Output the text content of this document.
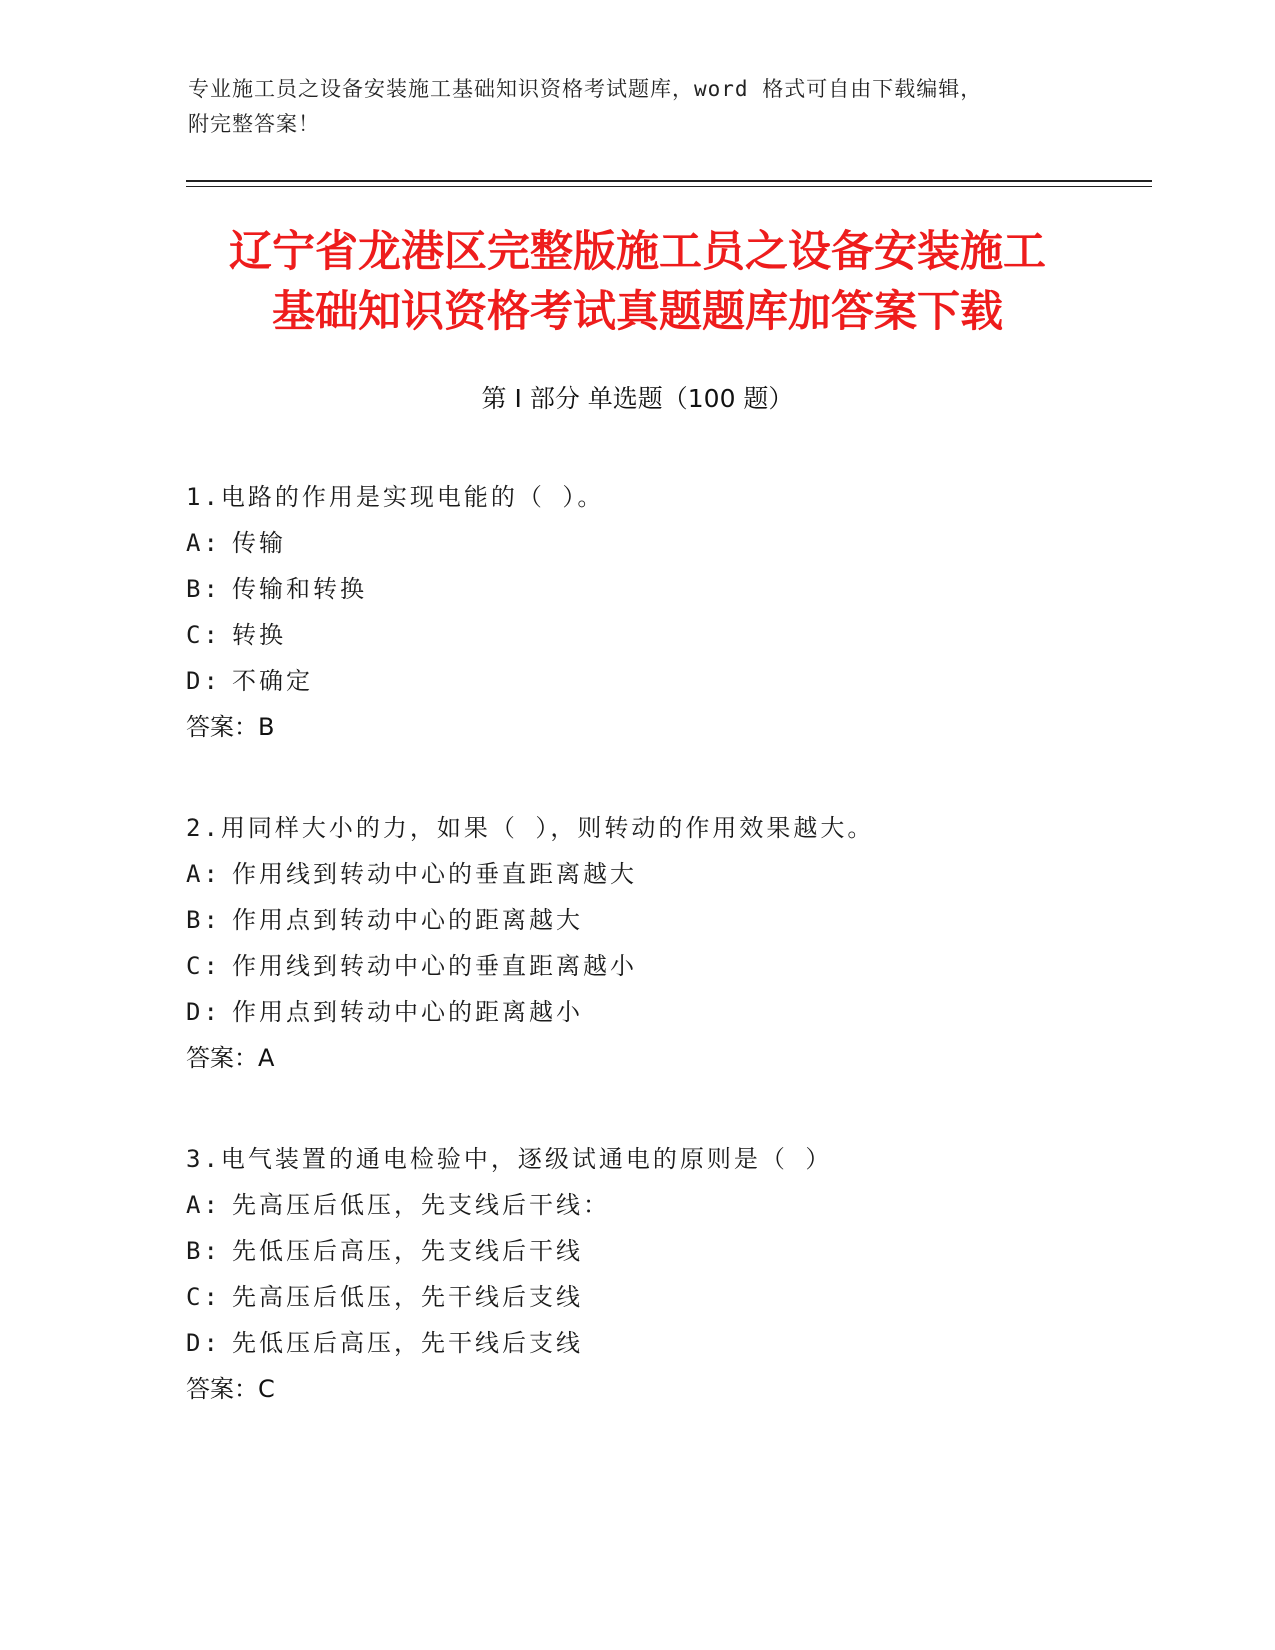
专业施工员之设备安装施工基础知识资格考试题库，word 格式可自由下载编辑，
附完整答案！
辽宁省龙港区完整版施工员之设备安装施工
基础知识资格考试真题题库加答案下载
第 I 部分 单选题（100 题）
1.电路的作用是实现电能的（ ）。
A: 传输
B: 传输和转换
C: 转换
D: 不确定
答案：B
2.用同样大小的力，如果（ ），则转动的作用效果越大。
A: 作用线到转动中心的垂直距离越大
B: 作用点到转动中心的距离越大
C: 作用线到转动中心的垂直距离越小
D: 作用点到转动中心的距离越小
答案：A
3.电气装置的通电检验中，逐级试通电的原则是（ ）
A: 先高压后低压，先支线后干线：
B: 先低压后高压，先支线后干线
C: 先高压后低压，先干线后支线
D: 先低压后高压，先干线后支线
答案：C
